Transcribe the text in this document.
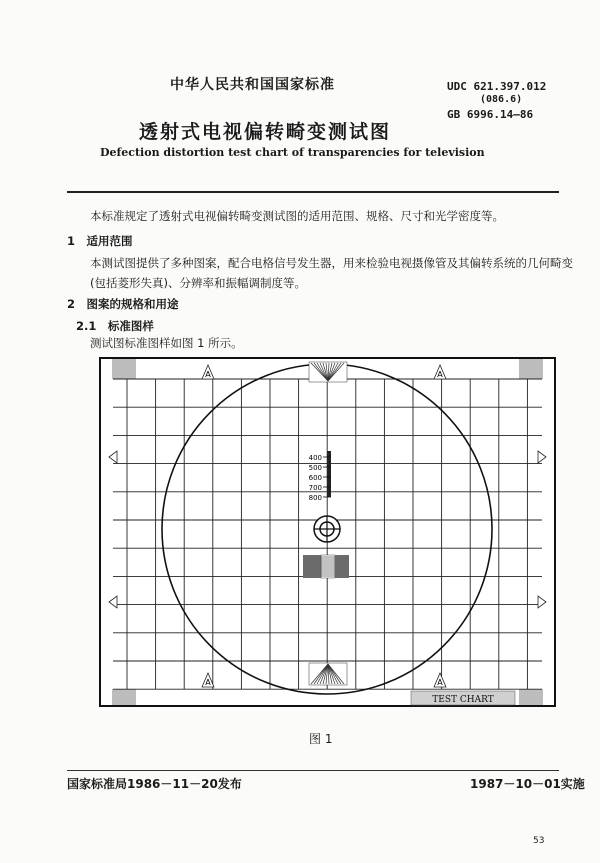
中华人民共和国国家标准	UDC 621.397.012
(086.6)
GB 6996.14—86
透射式电视偏转畸变测试图
Defection distortion test chart of transparencies for television
本标准规定了透射式电视偏转畸变测试图的适用范围、规格、尺寸和光学密度等。
1　适用范围
本测试图提供了多种图案，配合电格信号发生器，用来检验电视摄像管及其偏转系统的几何畸变
(包括菱形失真)、分辨率和振幅调制度等。
2　图案的规格和用途
2.1　标准图样
测试图标准图样如图 1 所示。
A	A
A	A
400
500
600
700
800
TEST CHART
图 1
国家标准局1986－11－20发布	1987－10－01实施
53
